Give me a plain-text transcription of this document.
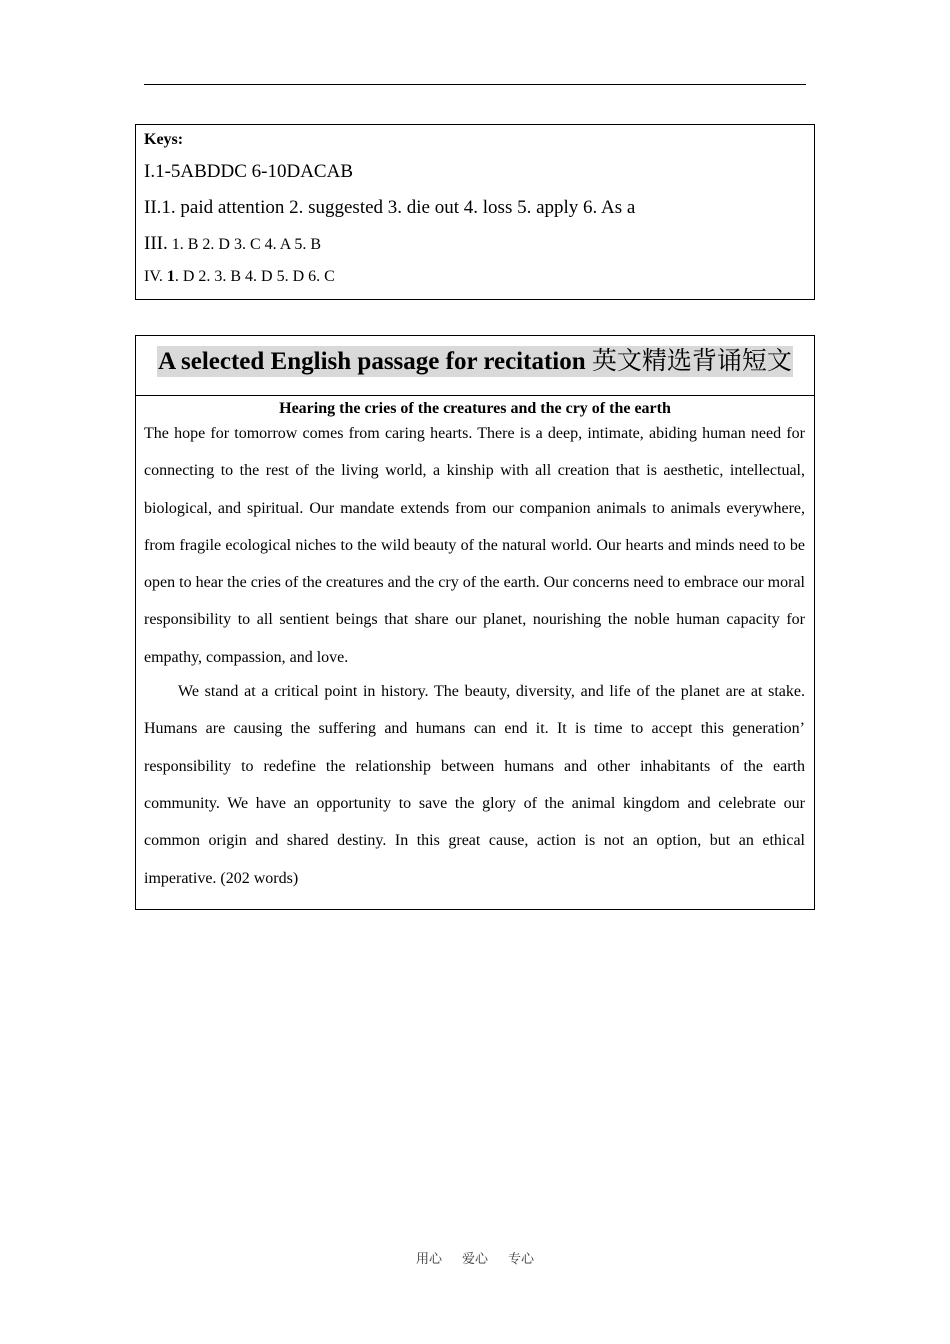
Keys:
I.1-5ABDDC 6-10DACAB
II.1. paid attention 2. suggested 3. die out 4. loss 5. apply 6. As a
III. 1. B 2. D 3. C 4. A 5. B
IV. 1. D 2. 3. B 4. D 5. D 6. C
A selected English passage for recitation 英文精选背诵短文
Hearing the cries of the creatures and the cry of the earth

The hope for tomorrow comes from caring hearts. There is a deep, intimate, abiding human need for connecting to the rest of the living world, a kinship with all creation that is aesthetic, intellectual, biological, and spiritual. Our mandate extends from our companion animals to animals everywhere, from fragile ecological niches to the wild beauty of the natural world. Our hearts and minds need to be open to hear the cries of the creatures and the cry of the earth. Our concerns need to embrace our moral responsibility to all sentient beings that share our planet, nourishing the noble human capacity for empathy, compassion, and love.

We stand at a critical point in history. The beauty, diversity, and life of the planet are at stake. Humans are causing the suffering and humans can end it. It is time to accept this generation’ responsibility to redefine the relationship between humans and other inhabitants of the earth community. We have an opportunity to save the glory of the animal kingdom and celebrate our common origin and shared destiny. In this great cause, action is not an option, but an ethical imperative. (202 words)

用心 爱心 专心
